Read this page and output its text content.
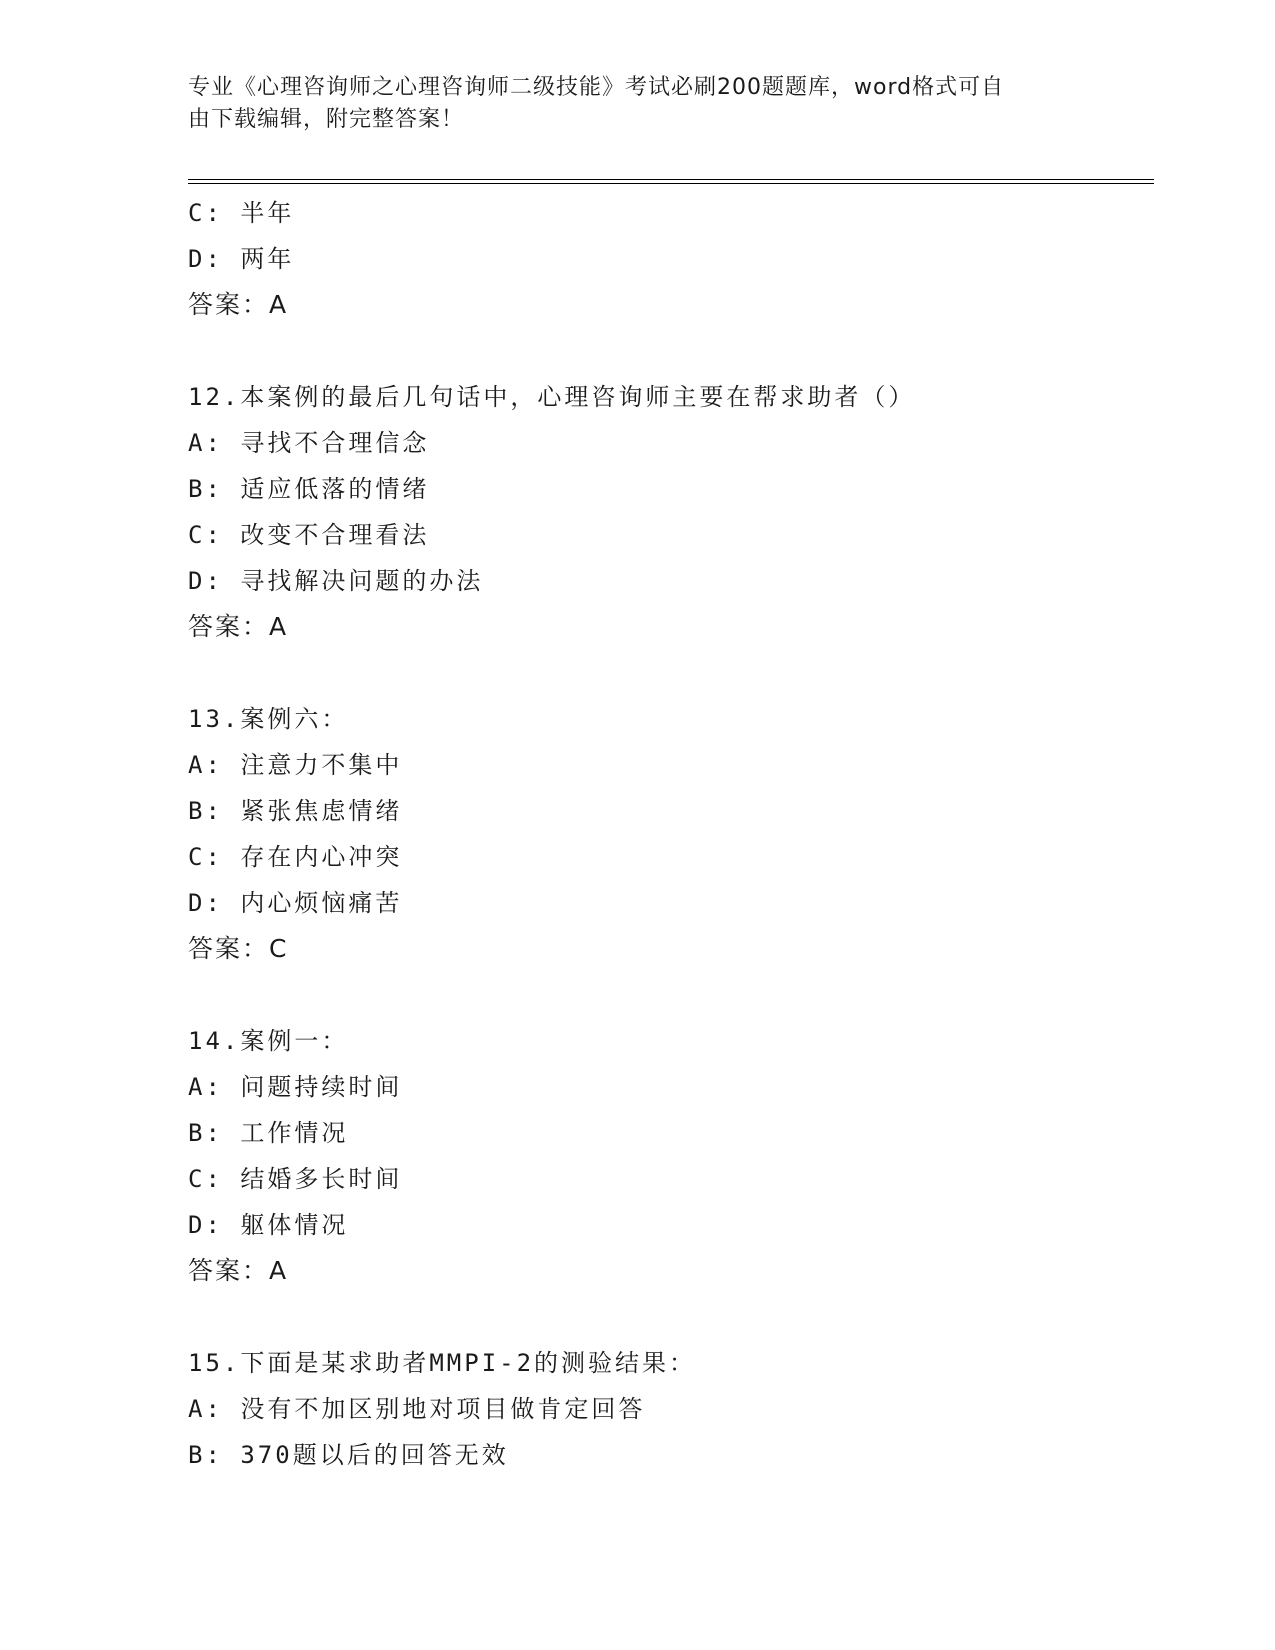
专业《心理咨询师之心理咨询师二级技能》考试必刷200题题库，word格式可自
由下载编辑，附完整答案！
C: 半年
D: 两年
答案：A
12.本案例的最后几句话中，心理咨询师主要在帮求助者（）
A: 寻找不合理信念
B: 适应低落的情绪
C: 改变不合理看法
D: 寻找解决问题的办法
答案：A
13.案例六：
A: 注意力不集中
B: 紧张焦虑情绪
C: 存在内心冲突
D: 内心烦恼痛苦
答案：C
14.案例一：
A: 问题持续时间
B: 工作情况
C: 结婚多长时间
D: 躯体情况
答案：A
15.下面是某求助者MMPI-2的测验结果：
A: 没有不加区别地对项目做肯定回答
B: 370题以后的回答无效
